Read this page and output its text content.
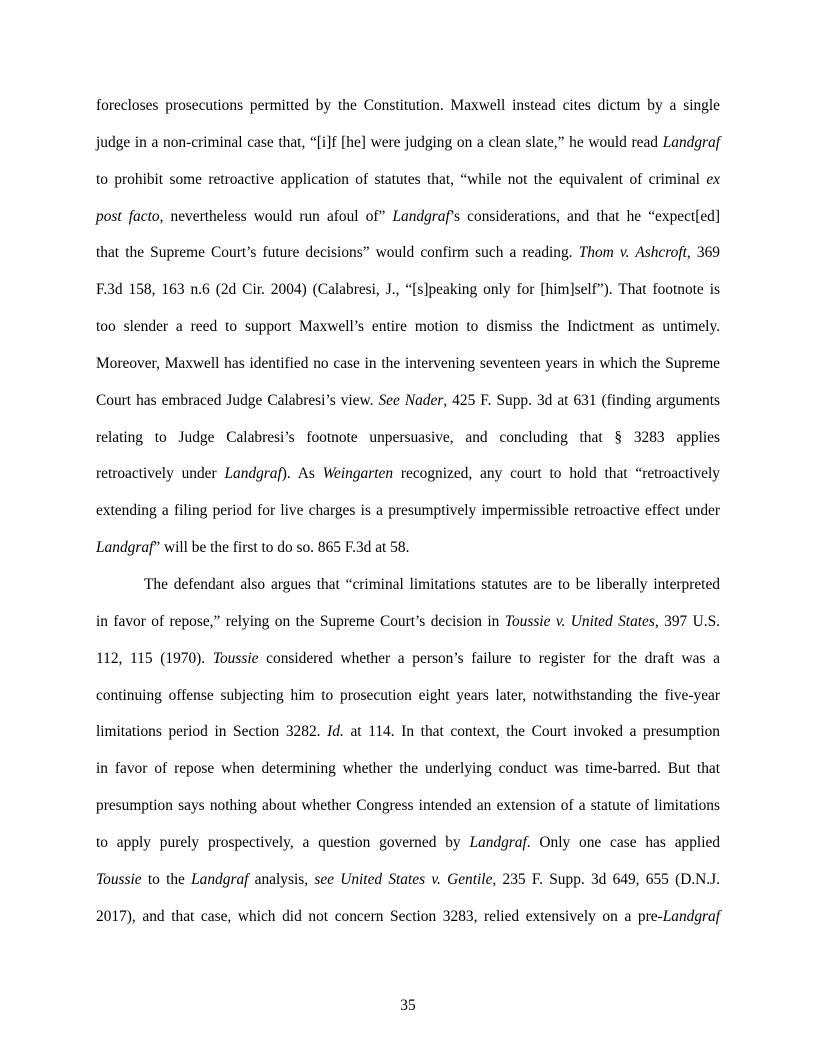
forecloses prosecutions permitted by the Constitution. Maxwell instead cites dictum by a single
judge in a non-criminal case that, “[i]f [he] were judging on a clean slate,” he would read Landgraf
to prohibit some retroactive application of statutes that, “while not the equivalent of criminal ex
post facto, nevertheless would run afoul of” Landgraf’s considerations, and that he “expect[ed]
that the Supreme Court’s future decisions” would confirm such a reading. Thom v. Ashcroft, 369
F.3d 158, 163 n.6 (2d Cir. 2004) (Calabresi, J., “[s]peaking only for [him]self”). That footnote is
too slender a reed to support Maxwell’s entire motion to dismiss the Indictment as untimely.
Moreover, Maxwell has identified no case in the intervening seventeen years in which the Supreme
Court has embraced Judge Calabresi’s view. See Nader, 425 F. Supp. 3d at 631 (finding arguments
relating to Judge Calabresi’s footnote unpersuasive, and concluding that § 3283 applies
retroactively under Landgraf). As Weingarten recognized, any court to hold that “retroactively
extending a filing period for live charges is a presumptively impermissible retroactive effect under
Landgraf” will be the first to do so. 865 F.3d at 58.
The defendant also argues that “criminal limitations statutes are to be liberally interpreted
in favor of repose,” relying on the Supreme Court’s decision in Toussie v. United States, 397 U.S.
112, 115 (1970). Toussie considered whether a person’s failure to register for the draft was a
continuing offense subjecting him to prosecution eight years later, notwithstanding the five-year
limitations period in Section 3282. Id. at 114. In that context, the Court invoked a presumption
in favor of repose when determining whether the underlying conduct was time-barred. But that
presumption says nothing about whether Congress intended an extension of a statute of limitations
to apply purely prospectively, a question governed by Landgraf. Only one case has applied
Toussie to the Landgraf analysis, see United States v. Gentile, 235 F. Supp. 3d 649, 655 (D.N.J.
2017), and that case, which did not concern Section 3283, relied extensively on a pre-Landgraf
35
